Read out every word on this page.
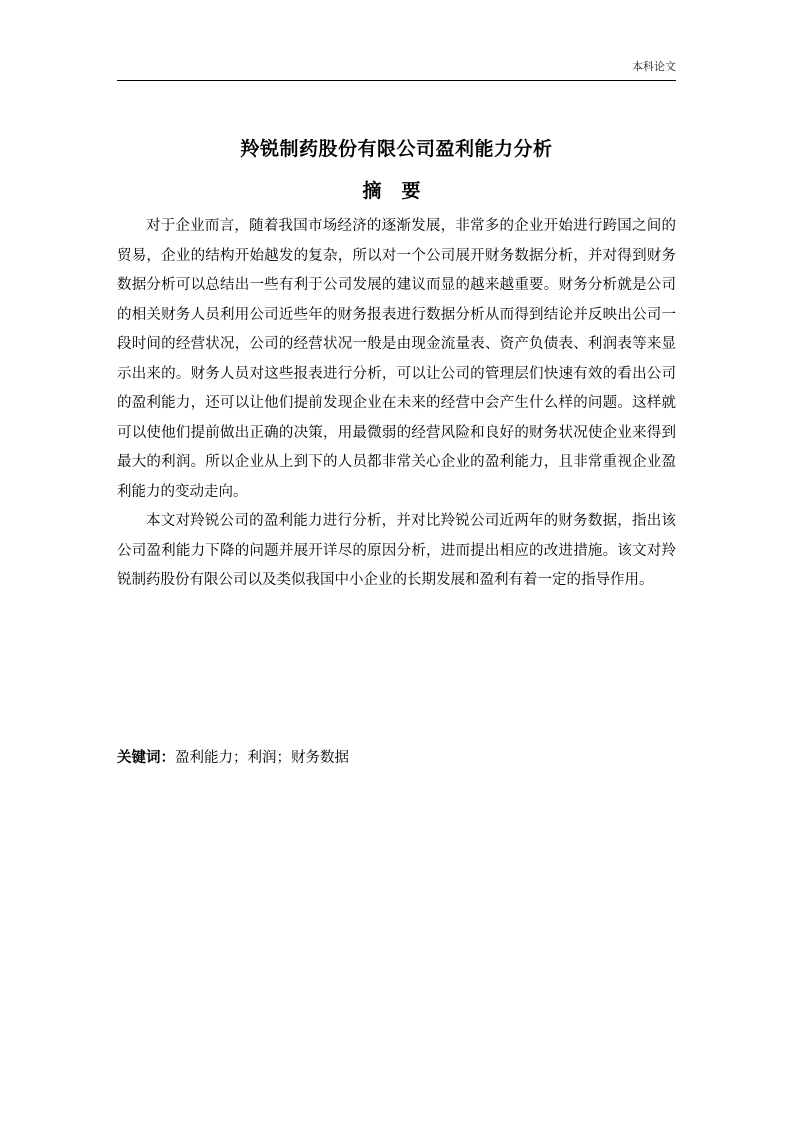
本科论文
羚锐制药股份有限公司盈利能力分析
摘要

对于企业而言，随着我国市场经济的逐渐发展，非常多的企业开始进行跨国之间的贸易，企业的结构开始越发的复杂，所以对一个公司展开财务数据分析，并对得到财务数据分析可以总结出一些有利于公司发展的建议而显的越来越重要。财务分析就是公司的相关财务人员利用公司近些年的财务报表进行数据分析从而得到结论并反映出公司一段时间的经营状况，公司的经营状况一般是由现金流量表、资产负债表、利润表等来显示出来的。财务人员对这些报表进行分析，可以让公司的管理层们快速有效的看出公司的盈利能力，还可以让他们提前发现企业在未来的经营中会产生什么样的问题。这样就可以使他们提前做出正确的决策，用最微弱的经营风险和良好的财务状况使企业来得到最大的利润。所以企业从上到下的人员都非常关心企业的盈利能力，且非常重视企业盈利能力的变动走向。

本文对羚锐公司的盈利能力进行分析，并对比羚锐公司近两年的财务数据，指出该公司盈利能力下降的问题并展开详尽的原因分析，进而提出相应的改进措施。该文对羚锐制药股份有限公司以及类似我国中小企业的长期发展和盈利有着一定的指导作用。

关键词：盈利能力；利润；财务数据
